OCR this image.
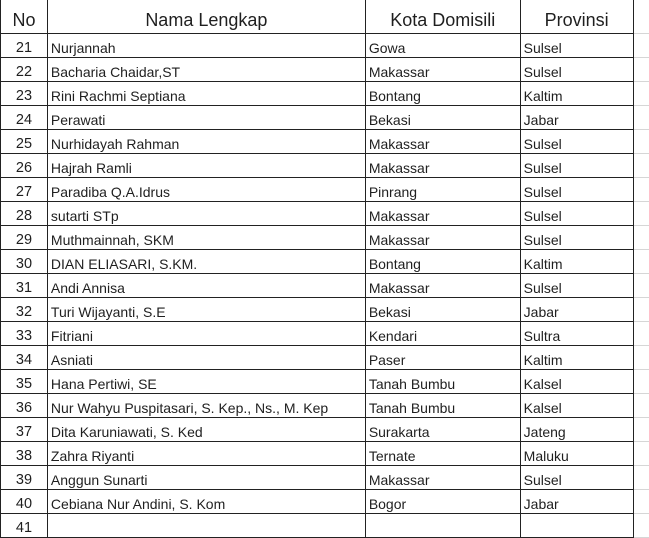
No	Nama Lengkap	Kota Domisili	Provinsi	
21	Nurjannah	Gowa	Sulsel	
22	Bacharia Chaidar,ST	Makassar	Sulsel	
23	Rini Rachmi Septiana	Bontang	Kaltim	
24	Perawati	Bekasi	Jabar	
25	Nurhidayah Rahman	Makassar	Sulsel	
26	Hajrah Ramli	Makassar	Sulsel	
27	Paradiba Q.A.Idrus	Pinrang	Sulsel	
28	sutarti STp	Makassar	Sulsel	
29	Muthmainnah, SKM	Makassar	Sulsel	
30	DIAN ELIASARI, S.KM.	Bontang	Kaltim	
31	Andi Annisa	Makassar	Sulsel	
32	Turi Wijayanti, S.E	Bekasi	Jabar	
33	Fitriani	Kendari	Sultra	
34	Asniati	Paser	Kaltim	
35	Hana Pertiwi, SE	Tanah Bumbu	Kalsel	
36	Nur Wahyu Puspitasari, S. Kep., Ns., M. Kep	Tanah Bumbu	Kalsel	
37	Dita Karuniawati, S. Ked	Surakarta	Jateng	
38	Zahra Riyanti	Ternate	Maluku	
39	Anggun Sunarti	Makassar	Sulsel	
40	Cebiana Nur Andini, S. Kom	Bogor	Jabar	
41				
